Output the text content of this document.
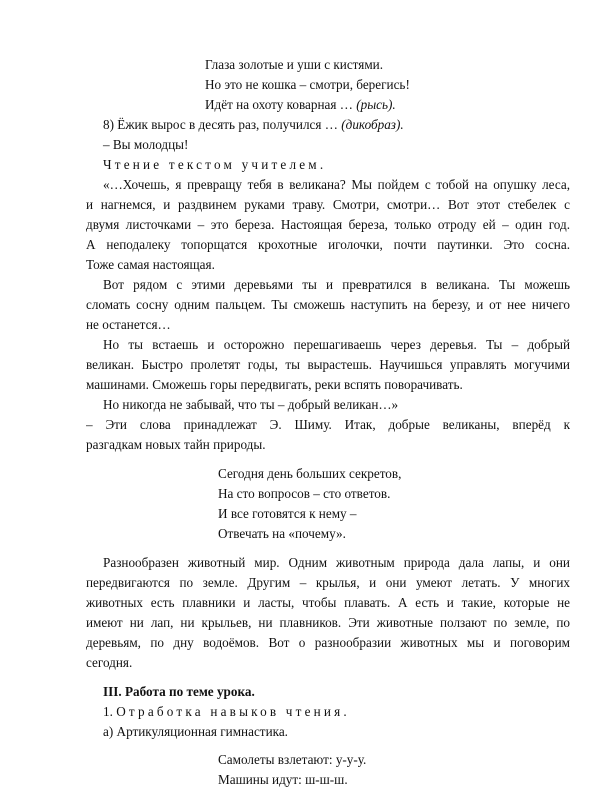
Глаза золотые и уши с кистями.
Но это не кошка – смотри, берегись!
Идёт на охоту коварная … (рысь).
8) Ёжик вырос в десять раз, получился … (дикобраз).
– Вы молодцы!
Чтение текстом учителем.
«…Хочешь, я превращу тебя в великана? Мы пойдем с тобой на опушку леса,
и нагнемся, и раздвинем руками траву. Смотри, смотри… Вот этот стебелек с
двумя листочками – это береза. Настоящая береза, только отроду ей – один год.
А неподалеку топорщатся крохотные иголочки, почти паутинки. Это сосна.
Тоже самая настоящая.
Вот рядом с этими деревьями ты и превратился в великана. Ты можешь
сломать сосну одним пальцем. Ты сможешь наступить на березу, и от нее ничего
не останется…
Но ты встаешь и осторожно перешагиваешь через деревья. Ты – добрый
великан. Быстро пролетят годы, ты вырастешь. Научишься управлять могучими
машинами. Сможешь горы передвигать, реки вспять поворачивать.
Но никогда не забывай, что ты – добрый великан…»
– Эти слова принадлежат Э. Шиму. Итак, добрые великаны, вперёд к
разгадкам новых тайн природы.
Сегодня день больших секретов,
На сто вопросов – сто ответов.
И все готовятся к нему –
Отвечать на «почему».
Разнообразен животный мир. Одним животным природа дала лапы, и они
передвигаются по земле. Другим – крылья, и они умеют летать. У многих
животных есть плавники и ласты, чтобы плавать. А есть и такие, которые не
имеют ни лап, ни крыльев, ни плавников. Эти животные ползают по земле, по
деревьям, по дну водоёмов. Вот о разнообразии животных мы и поговорим
сегодня.
III. Работа по теме урока.
1. Отработка навыков чтения.
а) Артикуляционная гимнастика.
Самолеты взлетают: у-у-у.
Машины идут: ш-ш-ш.
